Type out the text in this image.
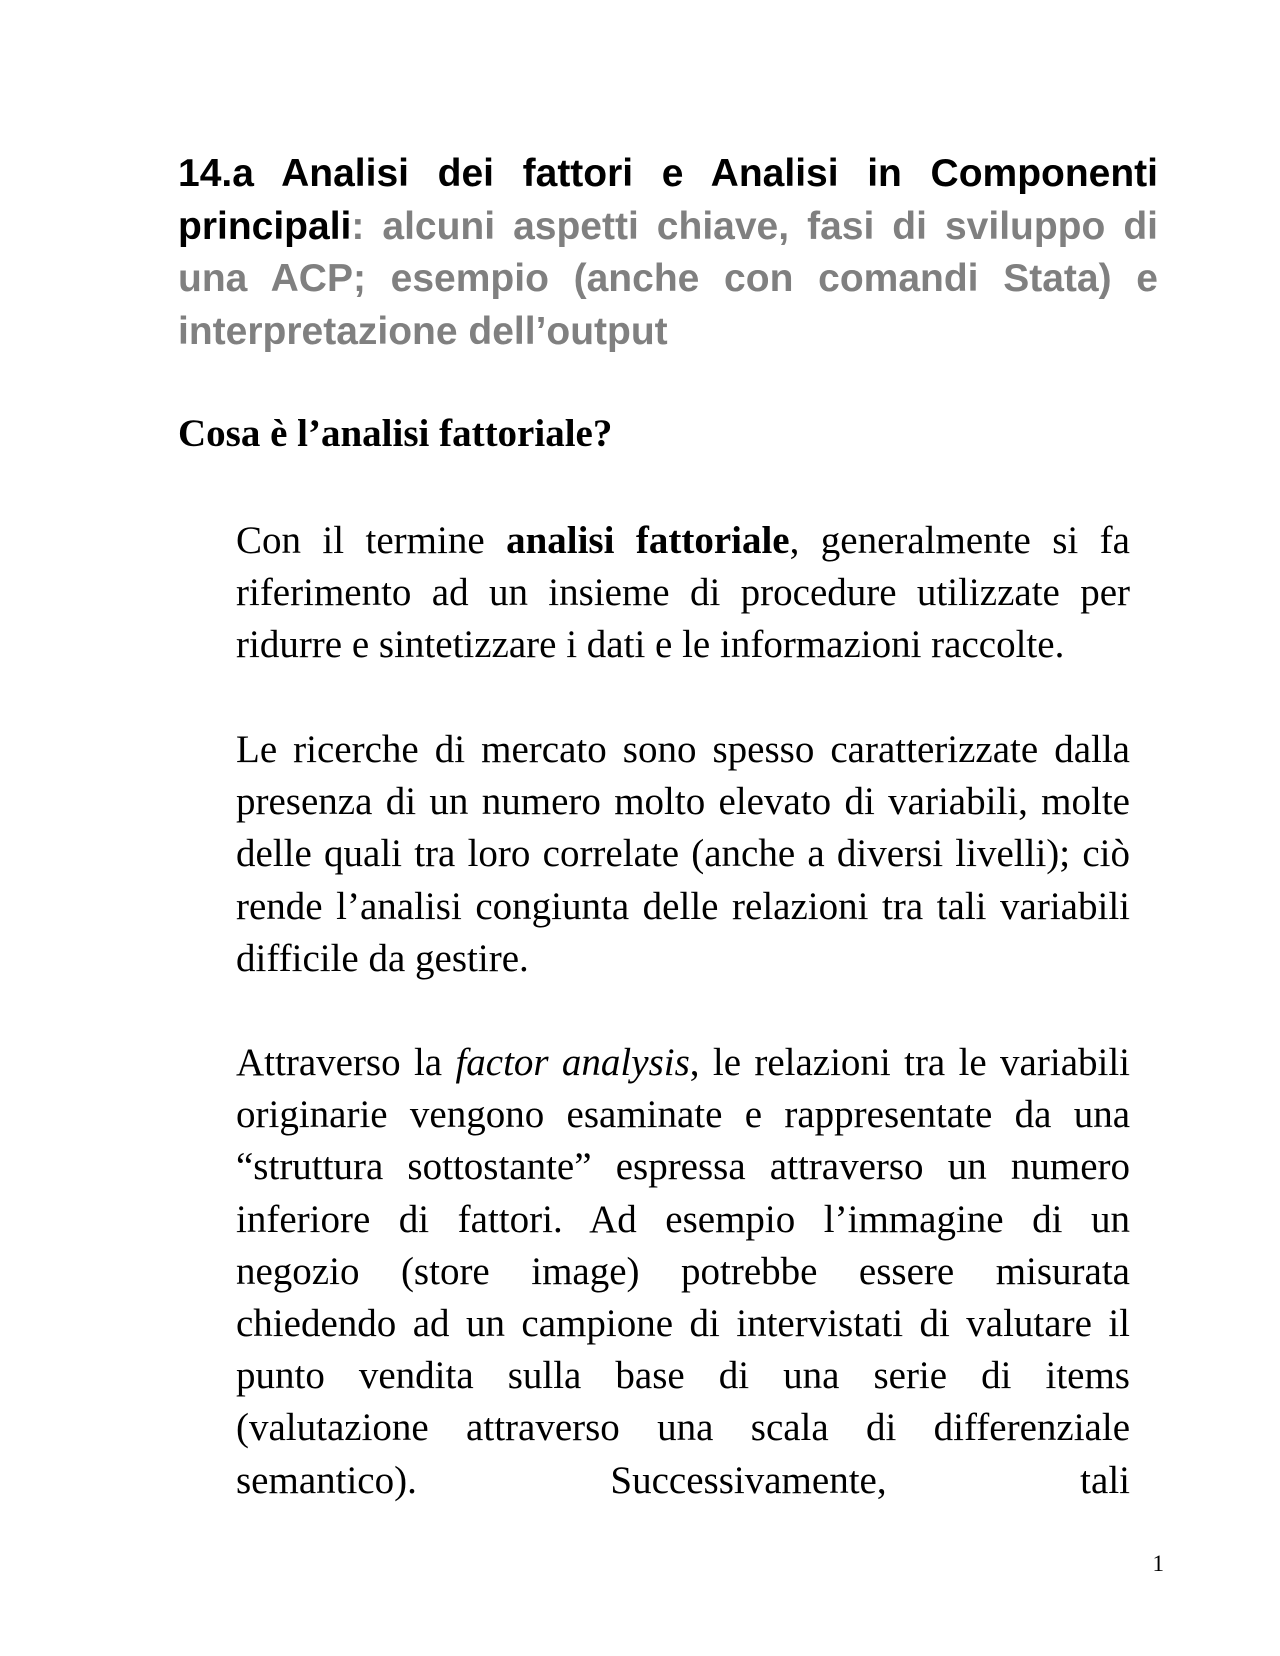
14.a Analisi dei fattori e Analisi in Componenti principali: alcuni aspetti chiave, fasi di sviluppo di una ACP; esempio (anche con comandi Stata) e interpretazione dell’output
Cosa è l’analisi fattoriale?

Con il termine analisi fattoriale, generalmente si fa riferimento ad un insieme di procedure utilizzate per ridurre e sintetizzare i dati e le informazioni raccolte.

Le ricerche di mercato sono spesso caratterizzate dalla presenza di un numero molto elevato di variabili, molte delle quali tra loro correlate (anche a diversi livelli); ciò rende l’analisi congiunta delle relazioni tra tali variabili difficile da gestire.

Attraverso la factor analysis, le relazioni tra le variabili originarie vengono esaminate e rappresentate da una “struttura sottostante” espressa attraverso un numero inferiore di fattori. Ad esempio l’immagine di un negozio (store image) potrebbe essere misurata chiedendo ad un campione di intervistati di valutare il punto vendita sulla base di una serie di items (valutazione attraverso una scala di differenziale semantico). Successivamente, tali

1
